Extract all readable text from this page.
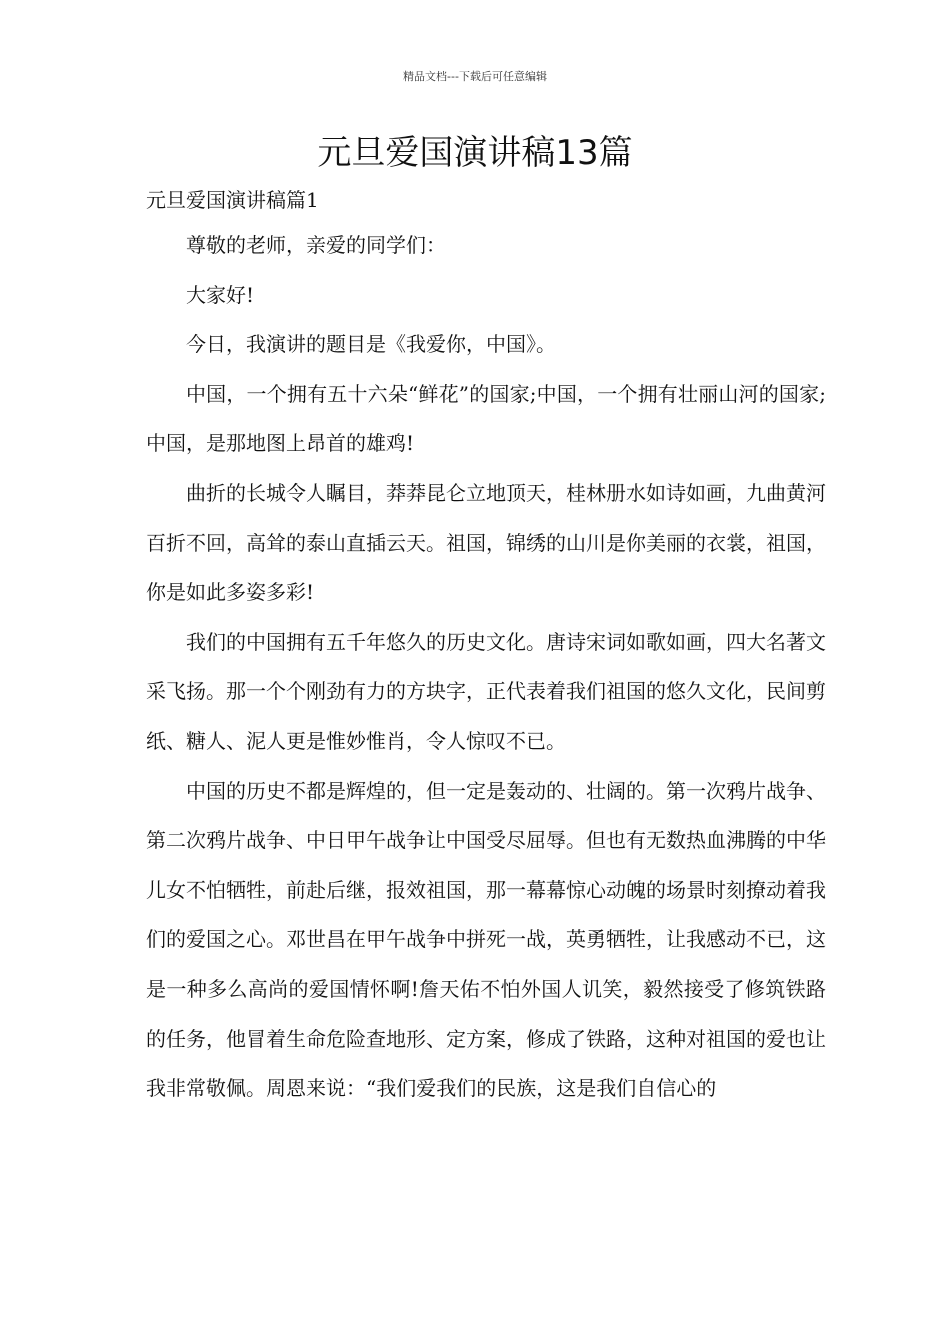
精品文档---下载后可任意编辑
元旦爱国演讲稿13篇
元旦爱国演讲稿篇1

尊敬的老师，亲爱的同学们：

大家好!

今日，我演讲的题目是《我爱你，中国》。

中国，一个拥有五十六朵“鲜花”的国家;中国，一个拥有壮丽山河的国家;中国，是那地图上昂首的雄鸡!

曲折的长城令人瞩目，莽莽昆仑立地顶天，桂林册水如诗如画，九曲黄河百折不回，高耸的泰山直插云天。祖国，锦绣的山川是你美丽的衣裳，祖国，你是如此多姿多彩!

我们的中国拥有五千年悠久的历史文化。唐诗宋词如歌如画，四大名著文采飞扬。那一个个刚劲有力的方块字，正代表着我们祖国的悠久文化，民间剪纸、糖人、泥人更是惟妙惟肖，令人惊叹不已。

中国的历史不都是辉煌的，但一定是轰动的、壮阔的。第一次鸦片战争、第二次鸦片战争、中日甲午战争让中国受尽屈辱。但也有无数热血沸腾的中华儿女不怕牺牲，前赴后继，报效祖国，那一幕幕惊心动魄的场景时刻撩动着我们的爱国之心。邓世昌在甲午战争中拼死一战，英勇牺牲，让我感动不已，这是一种多么高尚的爱国情怀啊!詹天佑不怕外国人讥笑，毅然接受了修筑铁路的任务，他冒着生命危险查地形、定方案，修成了铁路，这种对祖国的爱也让我非常敬佩。周恩来说：“我们爱我们的民族，这是我们自信心的
